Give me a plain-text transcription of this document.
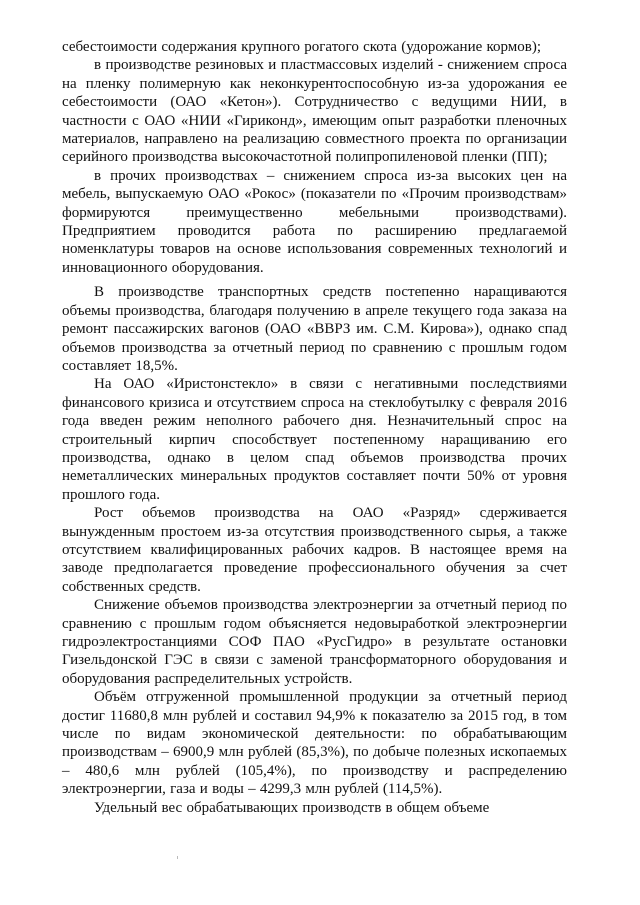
себестоимости содержания крупного рогатого скота (удорожание кормов);

в производстве резиновых и пластмассовых изделий - снижением спроса на пленку полимерную как неконкурентоспособную из-за удорожания ее себестоимости (ОАО «Кетон»). Сотрудничество с ведущими НИИ, в частности с ОАО «НИИ «Гириконд», имеющим опыт разработки пленочных материалов, направлено на реализацию совместного проекта по организации серийного производства высокочастотной полипропиленовой пленки (ПП);

в прочих производствах – снижением спроса из-за высоких цен на мебель, выпускаемую ОАО «Рокос» (показатели по «Прочим производствам» формируются преимущественно мебельными производствами). Предприятием проводится работа по расширению предлагаемой номенклатуры товаров на основе использования современных технологий и инновационного оборудования.

В производстве транспортных средств постепенно наращиваются объемы производства, благодаря получению в апреле текущего года заказа на ремонт пассажирских вагонов (ОАО «ВВРЗ им. С.М. Кирова»), однако спад объемов производства за отчетный период по сравнению с прошлым годом составляет 18,5%.

На ОАО «Иристонстекло» в связи с негативными последствиями финансового кризиса и отсутствием спроса на стеклобутылку с февраля 2016 года введен режим неполного рабочего дня. Незначительный спрос на строительный кирпич способствует постепенному наращиванию его производства, однако в целом спад объемов производства прочих неметаллических минеральных продуктов составляет почти 50% от уровня прошлого года.

Рост объемов производства на ОАО «Разряд» сдерживается вынужденным простоем из-за отсутствия производственного сырья, а также отсутствием квалифицированных рабочих кадров. В настоящее время на заводе предполагается проведение профессионального обучения за счет собственных средств.

Снижение объемов производства электроэнергии за отчетный период по сравнению с прошлым годом объясняется недовыработкой электроэнергии гидроэлектростанциями СОФ ПАО «РусГидро» в результате остановки Гизельдонской ГЭС в связи с заменой трансформаторного оборудования и оборудования распределительных устройств.

Объём отгруженной промышленной продукции за отчетный период достиг 11680,8 млн рублей и составил 94,9% к показателю за 2015 год, в том числе по видам экономической деятельности: по обрабатывающим производствам – 6900,9 млн рублей (85,3%), по добыче полезных ископаемых – 480,6 млн рублей (105,4%), по производству и распределению электроэнергии, газа и воды – 4299,3 млн рублей (114,5%).

Удельный вес обрабатывающих производств в общем объеме
